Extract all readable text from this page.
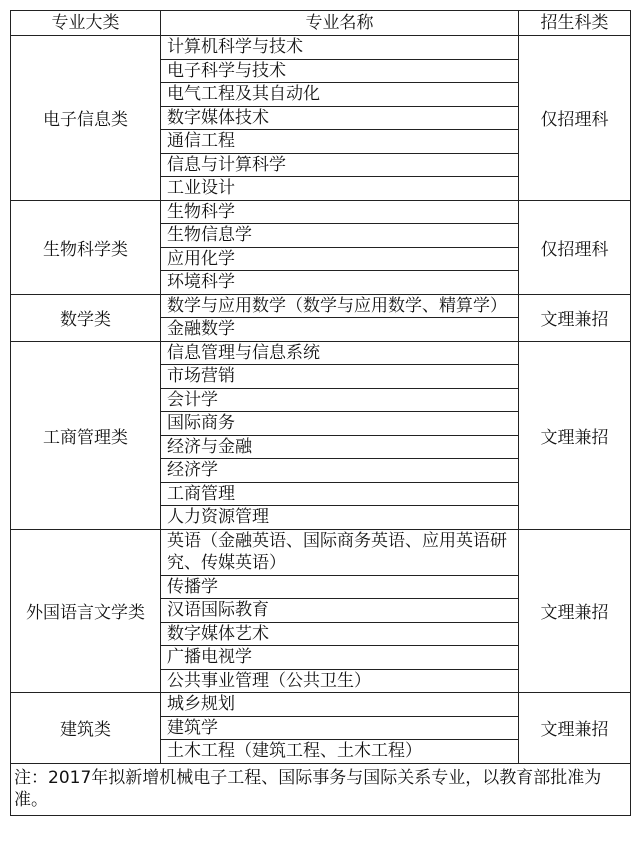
专业大类	专业名称	招生科类
电子信息类	计算机科学与技术	仅招理科
	电子科学与技术	
	电气工程及其自动化	
	数字媒体技术	
	通信工程	
	信息与计算科学	
	工业设计	
生物科学类	生物科学	仅招理科
	生物信息学	
	应用化学	
	环境科学	
数学类	数学与应用数学（数学与应用数学、精算学）	文理兼招
	金融数学	
工商管理类	信息管理与信息系统	文理兼招
	市场营销	
	会计学	
	国际商务	
	经济与金融	
	经济学	
	工商管理	
	人力资源管理	
外国语言文学类	英语（金融英语、国际商务英语、应用英语研究、传媒英语）	文理兼招
	传播学	
	汉语国际教育	
	数字媒体艺术	
	广播电视学	
	公共事业管理（公共卫生）	
建筑类	城乡规划	文理兼招
	建筑学	
	土木工程（建筑工程、土木工程）	
注：2017年拟新增机械电子工程、国际事务与国际关系专业，以教育部批准为准。		
